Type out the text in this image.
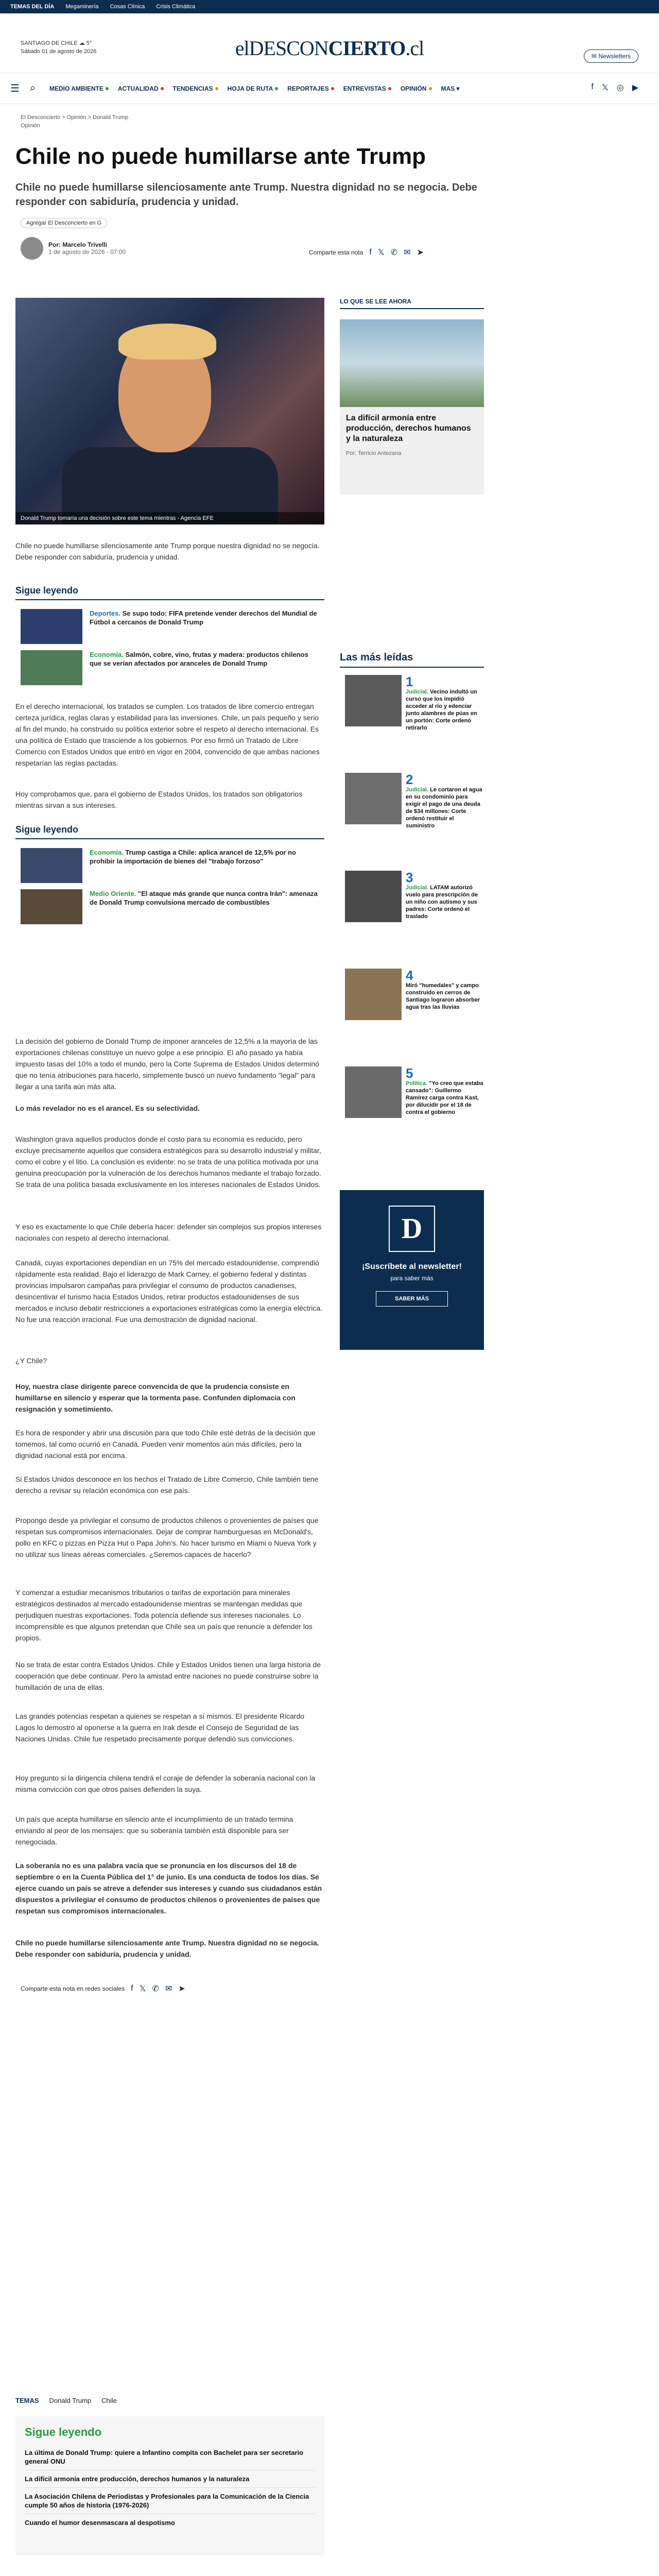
TEMAS DEL DÍA Megaminería Cosas Clínica Crisis Climática
SANTIAGO DE CHILE ☁ 5°
Sábado 01 de agosto de 2026	elDESCONCIERTO.cl	✉ Newsletters
☰ ⌕	MEDIO AMBIENTE	ACTUALIDAD	TENDENCIAS	HOJA DE RUTA	REPORTAJES	ENTREVISTAS	OPINIÓN	MAS ▾	f 𝕏 ◎ ▶
El Desconcierto > Opinión > Donald Trump
Opinión
Chile no puede humillarse ante Trump

Chile no puede humillarse silenciosamente ante Trump. Nuestra dignidad no se negocia. Debe responder con sabiduría, prudencia y unidad.

Agregar El Desconcierto en G
Por: Marcelo Trivelli
1 de agosto de 2026 - 07:00	Comparte esta nota f 𝕏 ✆ ✉ ➤
Donald Trump tomaría una decisión sobre este tema mientras - Agencia EFE
LO QUE SE LEE AHORA
La difícil armonía entre producción, derechos humanos y la naturaleza
Por: Terricio Antezana

Chile no puede humillarse silenciosamente ante Trump porque nuestra dignidad no se negocia. Debe responder con sabiduría, prudencia y unidad.

Sigue leyendo
Deportes. Se supo todo: FIFA pretende vender derechos del Mundial de Fútbol a cercanos de Donald Trump
Economía. Salmón, cobre, vino, frutas y madera: productos chilenos que se verían afectados por aranceles de Donald Trump

En el derecho internacional, los tratados se cumplen. Los tratados de libre comercio entregan certeza jurídica, reglas claras y estabilidad para las inversiones. Chile, un país pequeño y serio al fin del mundo, ha construido su política exterior sobre el respeto al derecho internacional. Es una política de Estado que trasciende a los gobiernos. Por eso firmó un Tratado de Libre Comercio con Estados Unidos que entró en vigor en 2004, convencido de que ambas naciones respetarían las reglas pactadas.

Hoy comprobamos que, para el gobierno de Estados Unidos, los tratados son obligatorios mientras sirvan a sus intereses.

Sigue leyendo
Economía. Trump castiga a Chile: aplica arancel de 12,5% por no prohibir la importación de bienes del "trabajo forzoso"
Medio Oriente. "El ataque más grande que nunca contra Irán": amenaza de Donald Trump convulsiona mercado de combustibles

La decisión del gobierno de Donald Trump de imponer aranceles de 12,5% a la mayoría de las exportaciones chilenas constituye un nuevo golpe a ese principio. El año pasado ya había impuesto tasas del 10% a todo el mundo, pero la Corte Suprema de Estados Unidos determinó que no tenía atribuciones para hacerlo, simplemente buscó un nuevo fundamento "legal" para llegar a una tarifa aún más alta.

Lo más revelador no es el arancel. Es su selectividad.

Washington grava aquellos productos donde el costo para su economía es reducido, pero excluye precisamente aquellos que considera estratégicos para su desarrollo industrial y militar, como el cobre y el litio. La conclusión es evidente: no se trata de una política motivada por una genuina preocupación por la vulneración de los derechos humanos mediante el trabajo forzado. Se trata de una política basada exclusivamente en los intereses nacionales de Estados Unidos.

Y eso es exactamente lo que Chile debería hacer: defender sin complejos sus propios intereses nacionales con respeto al derecho internacional.

Canadá, cuyas exportaciones dependían en un 75% del mercado estadounidense, comprendió rápidamente esta realidad. Bajo el liderazgo de Mark Carney, el gobierno federal y distintas provincias impulsaron campañas para privilegiar el consumo de productos canadienses, desincentivar el turismo hacia Estados Unidos, retirar productos estadounidenses de sus mercados e incluso debatir restricciones a exportaciones estratégicas como la energía eléctrica. No fue una reacción irracional. Fue una demostración de dignidad nacional.

¿Y Chile?

Hoy, nuestra clase dirigente parece convencida de que la prudencia consiste en humillarse en silencio y esperar que la tormenta pase. Confunden diplomacia con resignación y sometimiento.

Es hora de responder y abrir una discusión para que todo Chile esté detrás de la decisión que tomemos, tal como ocurrió en Canadá. Pueden venir momentos aún más difíciles, pero la dignidad nacional está por encima.

Si Estados Unidos desconoce en los hechos el Tratado de Libre Comercio, Chile también tiene derecho a revisar su relación económica con ese país.

Propongo desde ya privilegiar el consumo de productos chilenos o provenientes de países que respetan sus compromisos internacionales. Dejar de comprar hamburguesas en McDonald's, pollo en KFC o pizzas en Pizza Hut o Papa John's. No hacer turismo en Miami o Nueva York y no utilizar sus líneas aéreas comerciales. ¿Seremos capaces de hacerlo?

Y comenzar a estudiar mecanismos tributarios o tarifas de exportación para minerales estratégicos destinados al mercado estadounidense mientras se mantengan medidas que perjudiquen nuestras exportaciones. Toda potencia defiende sus intereses nacionales. Lo incomprensible es que algunos pretendan que Chile sea un país que renuncie a defender los propios.

No se trata de estar contra Estados Unidos. Chile y Estados Unidos tienen una larga historia de cooperación que debe continuar. Pero la amistad entre naciones no puede construirse sobre la humillación de una de ellas.

Las grandes potencias respetan a quienes se respetan a sí mismos. El presidente Ricardo Lagos lo demostró al oponerse a la guerra en Irak desde el Consejo de Seguridad de las Naciones Unidas. Chile fue respetado precisamente porque defendió sus convicciones.

Hoy pregunto si la dirigencia chilena tendrá el coraje de defender la soberanía nacional con la misma convicción con que otros países defienden la suya.

Un país que acepta humillarse en silencio ante el incumplimiento de un tratado termina enviando al peor de los mensajes: que su soberanía también está disponible para ser renegociada.

La soberanía no es una palabra vacía que se pronuncia en los discursos del 18 de septiembre o en la Cuenta Pública del 1° de junio. Es una conducta de todos los días. Se ejerce cuando un país se atreve a defender sus intereses y cuando sus ciudadanos están dispuestos a privilegiar el consumo de productos chilenos o provenientes de países que respetan sus compromisos internacionales.

Chile no puede humillarse silenciosamente ante Trump. Nuestra dignidad no se negocia. Debe responder con sabiduría, prudencia y unidad.

Comparte esta nota en redes sociales f 𝕏 ✆ ✉ ➤
Las más leídas
1
Judicial. Vecino indultó un curso que los impidió acceder al río y edenciar junto alambres de púas en un portón: Corte ordenó retirarlo
2
Judicial. Le cortaron el agua en su condominio para exigir el pago de una deuda de $34 millones: Corte ordenó restituir el suministro
3
Judicial. LATAM autorizó vuelo para prescripción de un niño con autismo y sus padres: Corte ordenó el traslado
4
Miró "humedales" y campo construido en cerros de Santiago lograron absorber agua tras las lluvias
5
Política. "Yo creo que estaba cansado": Guillermo Ramírez carga contra Kast, por dilucidir por el 18 de contra el gobierno
D
¡Suscríbete al newsletter!
para saber más
SABER MÁS
TEMAS Donald Trump Chile
Sigue leyendo
La última de Donald Trump: quiere a Infantino compita con Bachelet para ser secretario general ONU
La difícil armonía entre producción, derechos humanos y la naturaleza
La Asociación Chilena de Periodistas y Profesionales para la Comunicación de la Ciencia cumple 50 años de historia (1976-2026)
Cuando el humor desenmascara al despotismo
